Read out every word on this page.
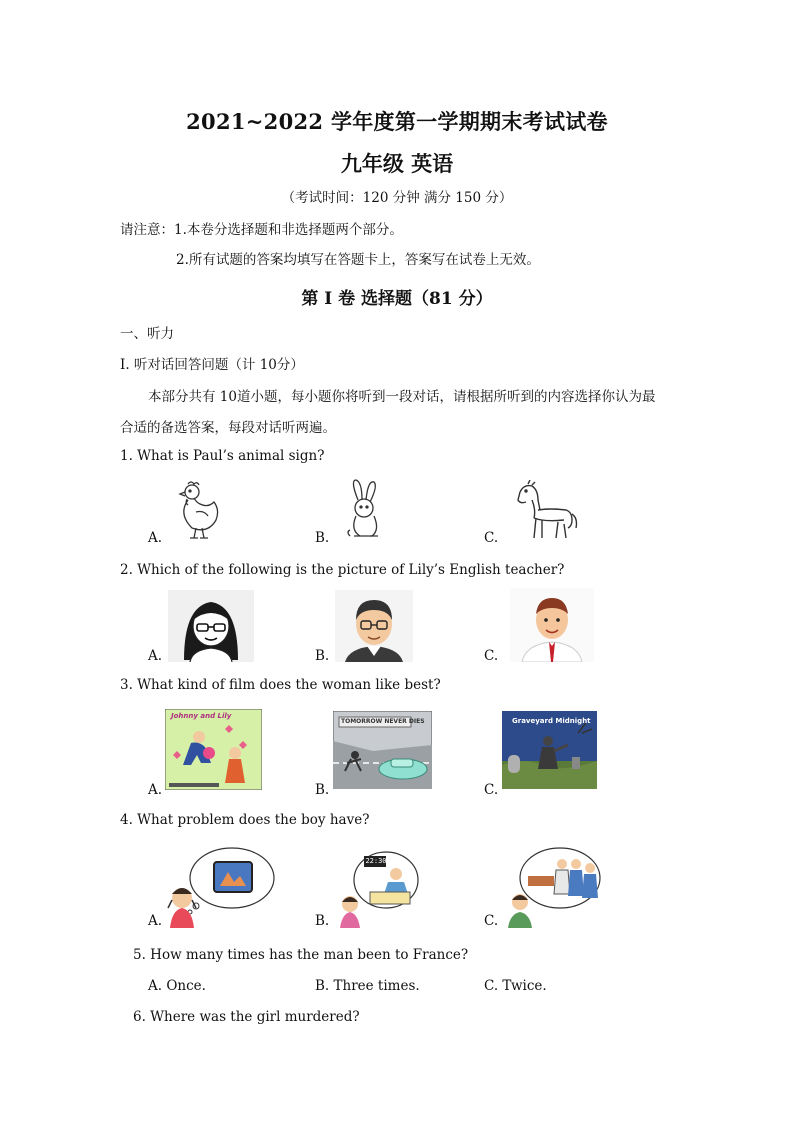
2021~2022 学年度第一学期期末考试试卷
九年级 英语
（考试时间：120 分钟 满分 150 分）
请注意：1.本卷分选择题和非选择题两个部分。
2.所有试题的答案均填写在答题卡上，答案写在试卷上无效。
第 I 卷 选择题（81 分）
一、听力
I. 听对话回答问题（计 10分）
本部分共有 10道小题，每小题你将听到一段对话，请根据所听到的内容选择你认为最
合适的备选答案，每段对话听两遍。
1. What is Paul’s animal sign?
A.	B.	C.
2. Which of the following is the picture of Lily’s English teacher?
A.	B.	C.
3. What kind of film does the woman like best?
A.	B.	C.
Johnny and Lily
TOMORROW NEVER DIES	Graveyard Midnight
4. What problem does the boy have?
A.	B.	C.
22:30
5. How many times has the man been to France?
A. Once.	B. Three times.	C. Twice.
6. Where was the girl murdered?
